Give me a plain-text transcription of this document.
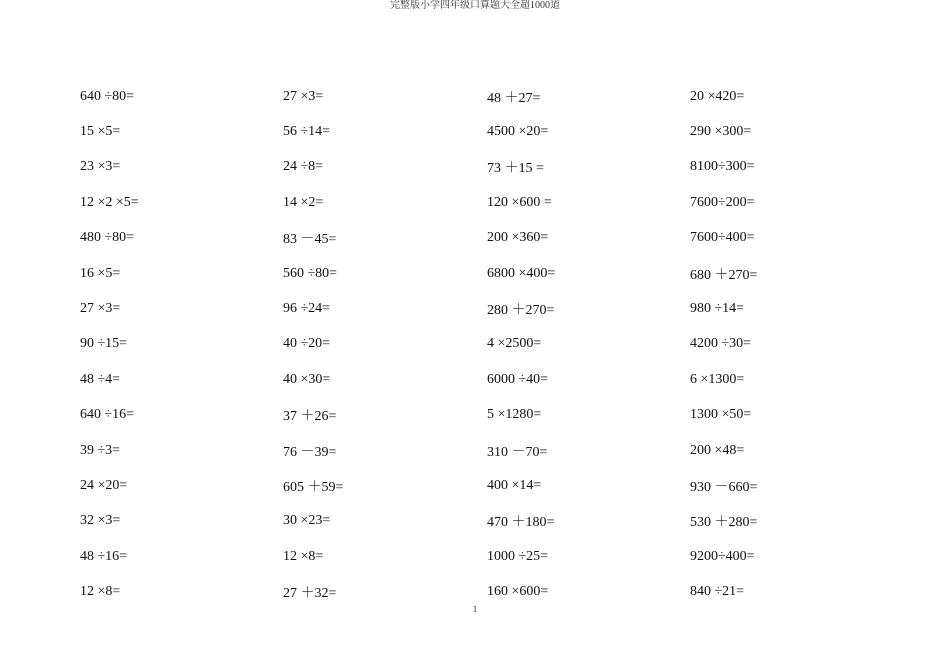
完整版小学四年级口算题大全超1000道
640 ÷80=	27 ×3=	48 ＋27=	20 ×420=
15 ×5=	56 ÷14=	4500 ×20=	290 ×300=
23 ×3=	24 ÷8=	73 ＋15 =	8100÷300=
12 ×2 ×5=	14 ×2=	120 ×600 =	7600÷200=
480 ÷80=	83 －45=	200 ×360=	7600÷400=
16 ×5=	560 ÷80=	6800 ×400=	680 ＋270=
27 ×3=	96 ÷24=	280 ＋270=	980 ÷14=
90 ÷15=	40 ÷20=	4 ×2500=	4200 ÷30=
48 ÷4=	40 ×30=	6000 ÷40=	6 ×1300=
640 ÷16=	37 ＋26=	5 ×1280=	1300 ×50=
39 ÷3=	76 －39=	310 －70=	200 ×48=
24 ×20=	605 ＋59=	400 ×14=	930 －660=
32 ×3=	30 ×23=	470 ＋180=	530 ＋280=
48 ÷16=	12 ×8=	1000 ÷25=	9200÷400=
12 ×8=	27 ＋32=	160 ×600=	840 ÷21=
1
